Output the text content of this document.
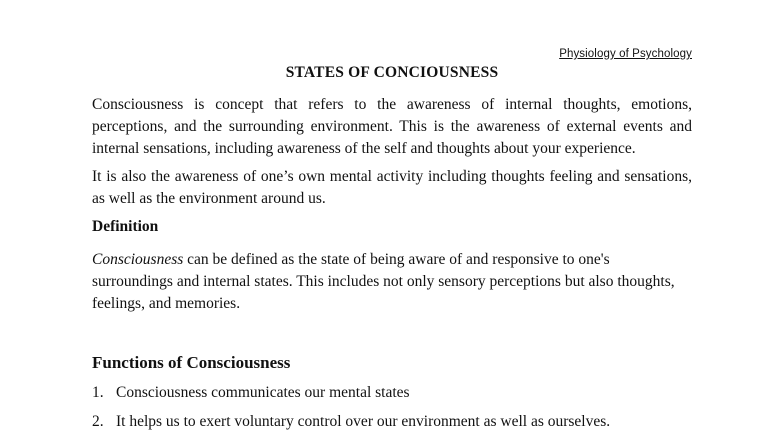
Physiology of Psychology
STATES OF CONCIOUSNESS
Consciousness is concept that refers to the awareness of internal thoughts, emotions, perceptions, and the surrounding environment. This is the awareness of external events and internal sensations, including awareness of the self and thoughts about your experience.
It is also the awareness of one’s own mental activity including thoughts feeling and sensations, as well as the environment around us.
Definition
Consciousness can be defined as the state of being aware of and responsive to one's surroundings and internal states. This includes not only sensory perceptions but also thoughts, feelings, and memories.
Functions of Consciousness
1. Consciousness communicates our mental states
2. It helps us to exert voluntary control over our environment as well as ourselves.
